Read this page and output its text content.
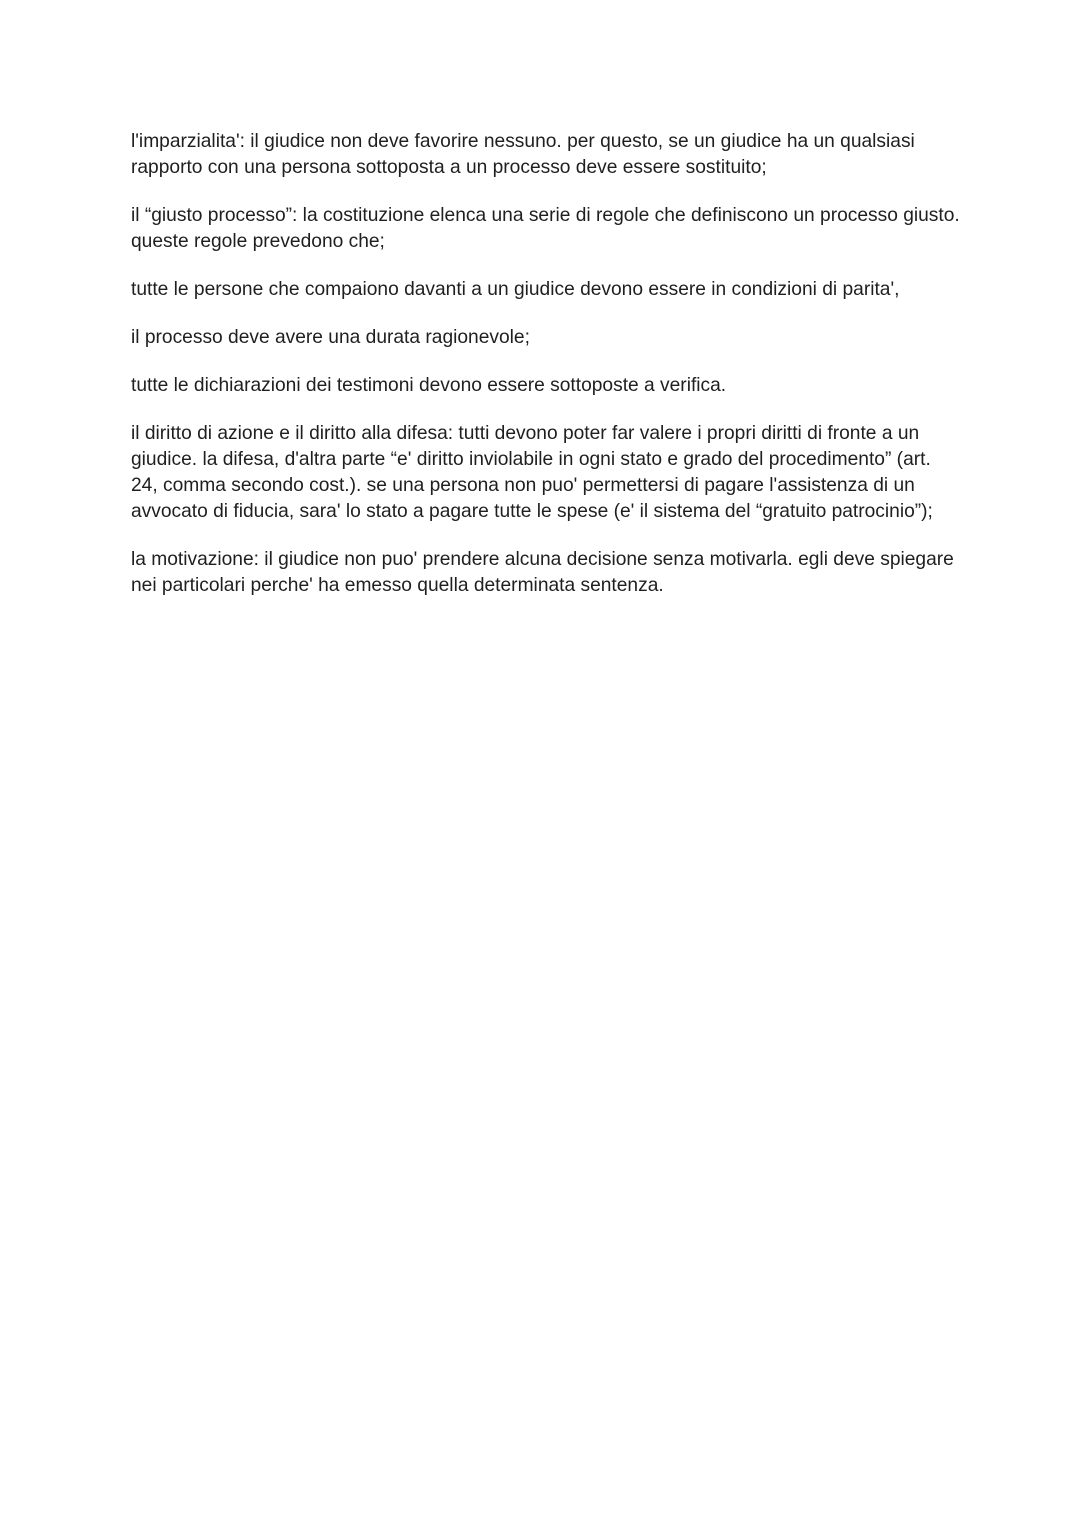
l'imparzialita': il giudice non deve favorire nessuno. per questo, se un giudice ha un qualsiasi rapporto con una persona sottoposta a un processo deve essere sostituito;

il “giusto processo”: la costituzione elenca una serie di regole che definiscono un processo giusto. queste regole prevedono che;

tutte le persone che compaiono davanti a un giudice devono essere in condizioni di parita',

il processo deve avere una durata ragionevole;

tutte le dichiarazioni dei testimoni devono essere sottoposte a verifica.

il diritto di azione e il diritto alla difesa: tutti devono poter far valere i propri diritti di fronte a un giudice. la difesa, d'altra parte “e' diritto inviolabile in ogni stato e grado del procedimento” (art. 24, comma secondo cost.). se una persona non puo' permettersi di pagare l'assistenza di un avvocato di fiducia, sara' lo stato a pagare tutte le spese (e' il sistema del “gratuito patrocinio”);

la motivazione: il giudice non puo' prendere alcuna decisione senza motivarla. egli deve spiegare nei particolari perche' ha emesso quella determinata sentenza.
